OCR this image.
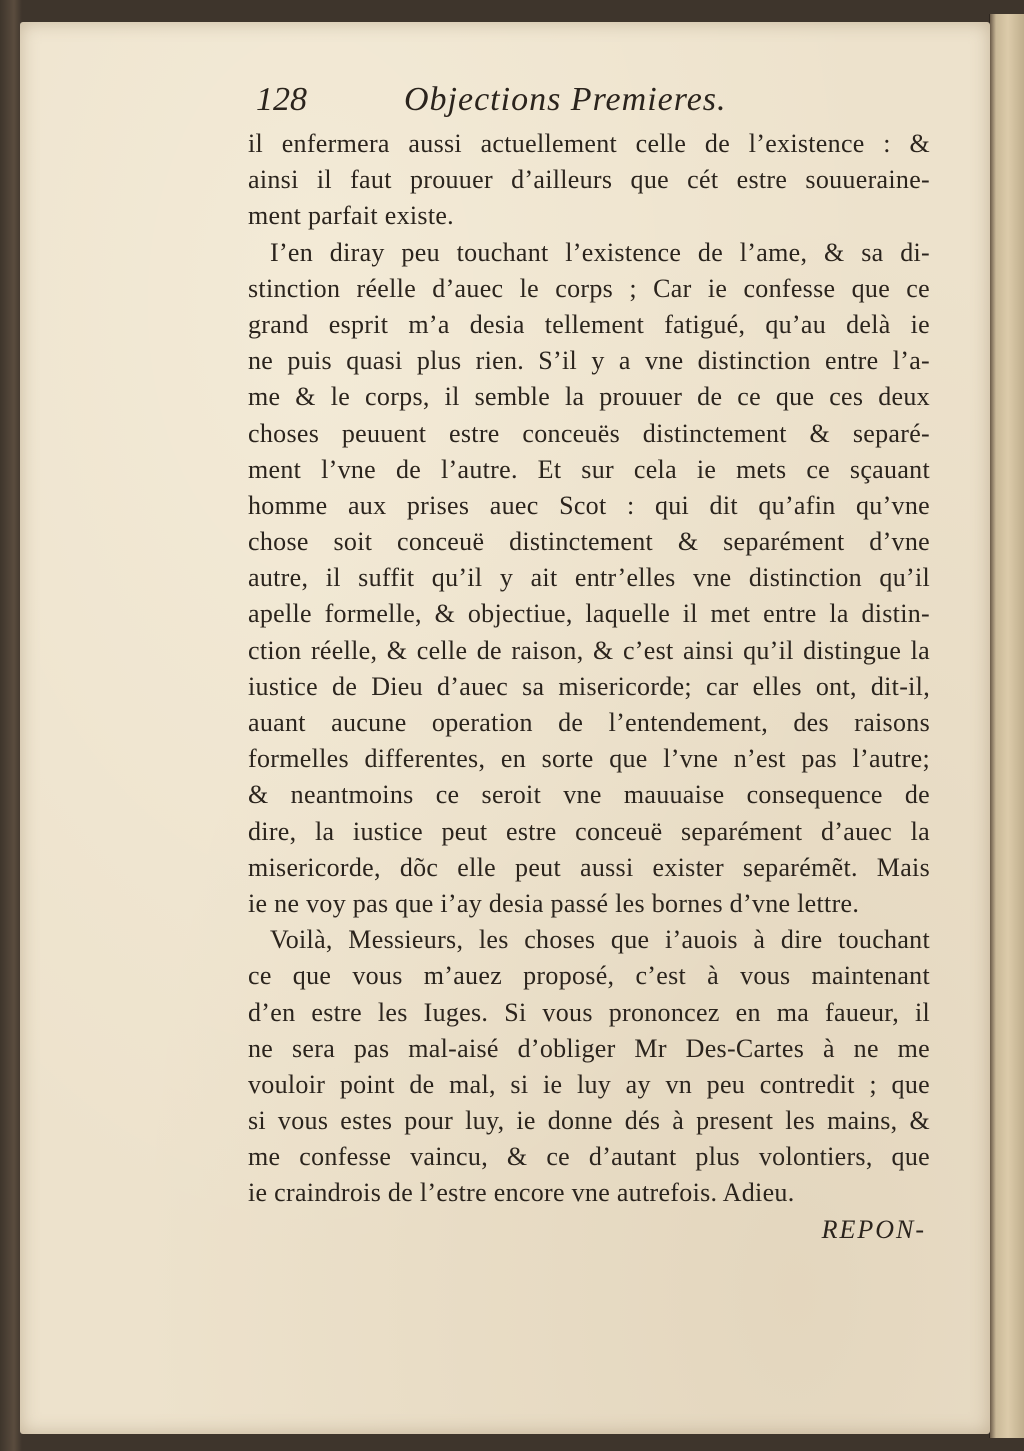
128	Objections Premieres.
il enfermera aussi actuellement celle de l’existence : &
ainsi il faut prouuer d’ailleurs que cét estre souueraine-
ment parfait existe.
I’en diray peu touchant l’existence de l’ame, & sa di-
stinction réelle d’auec le corps ; Car ie confesse que ce
grand esprit m’a desia tellement fatigué, qu’au delà ie
ne puis quasi plus rien. S’il y a vne distinction entre l’a-
me & le corps, il semble la prouuer de ce que ces deux
choses peuuent estre conceuës distinctement & separé-
ment l’vne de l’autre. Et sur cela ie mets ce sçauant
homme aux prises auec Scot : qui dit qu’afin qu’vne
chose soit conceuë distinctement & separément d’vne
autre, il suffit qu’il y ait entr’elles vne distinction qu’il
apelle formelle, & objectiue, laquelle il met entre la distin-
ction réelle, & celle de raison, & c’est ainsi qu’il distingue la
iustice de Dieu d’auec sa misericorde; car elles ont, dit-il,
auant aucune operation de l’entendement, des raisons
formelles differentes, en sorte que l’vne n’est pas l’autre;
& neantmoins ce seroit vne mauuaise consequence de
dire, la iustice peut estre conceuë separément d’auec la
misericorde, dõc elle peut aussi exister separémẽt. Mais
ie ne voy pas que i’ay desia passé les bornes d’vne lettre.
Voilà, Messieurs, les choses que i’auois à dire touchant
ce que vous m’auez proposé, c’est à vous maintenant
d’en estre les Iuges. Si vous prononcez en ma faueur, il
ne sera pas mal-aisé d’obliger Mr Des-Cartes à ne me
vouloir point de mal, si ie luy ay vn peu contredit ; que
si vous estes pour luy, ie donne dés à present les mains, &
me confesse vaincu, & ce d’autant plus volontiers, que
ie craindrois de l’estre encore vne autrefois. Adieu.
REPON-
